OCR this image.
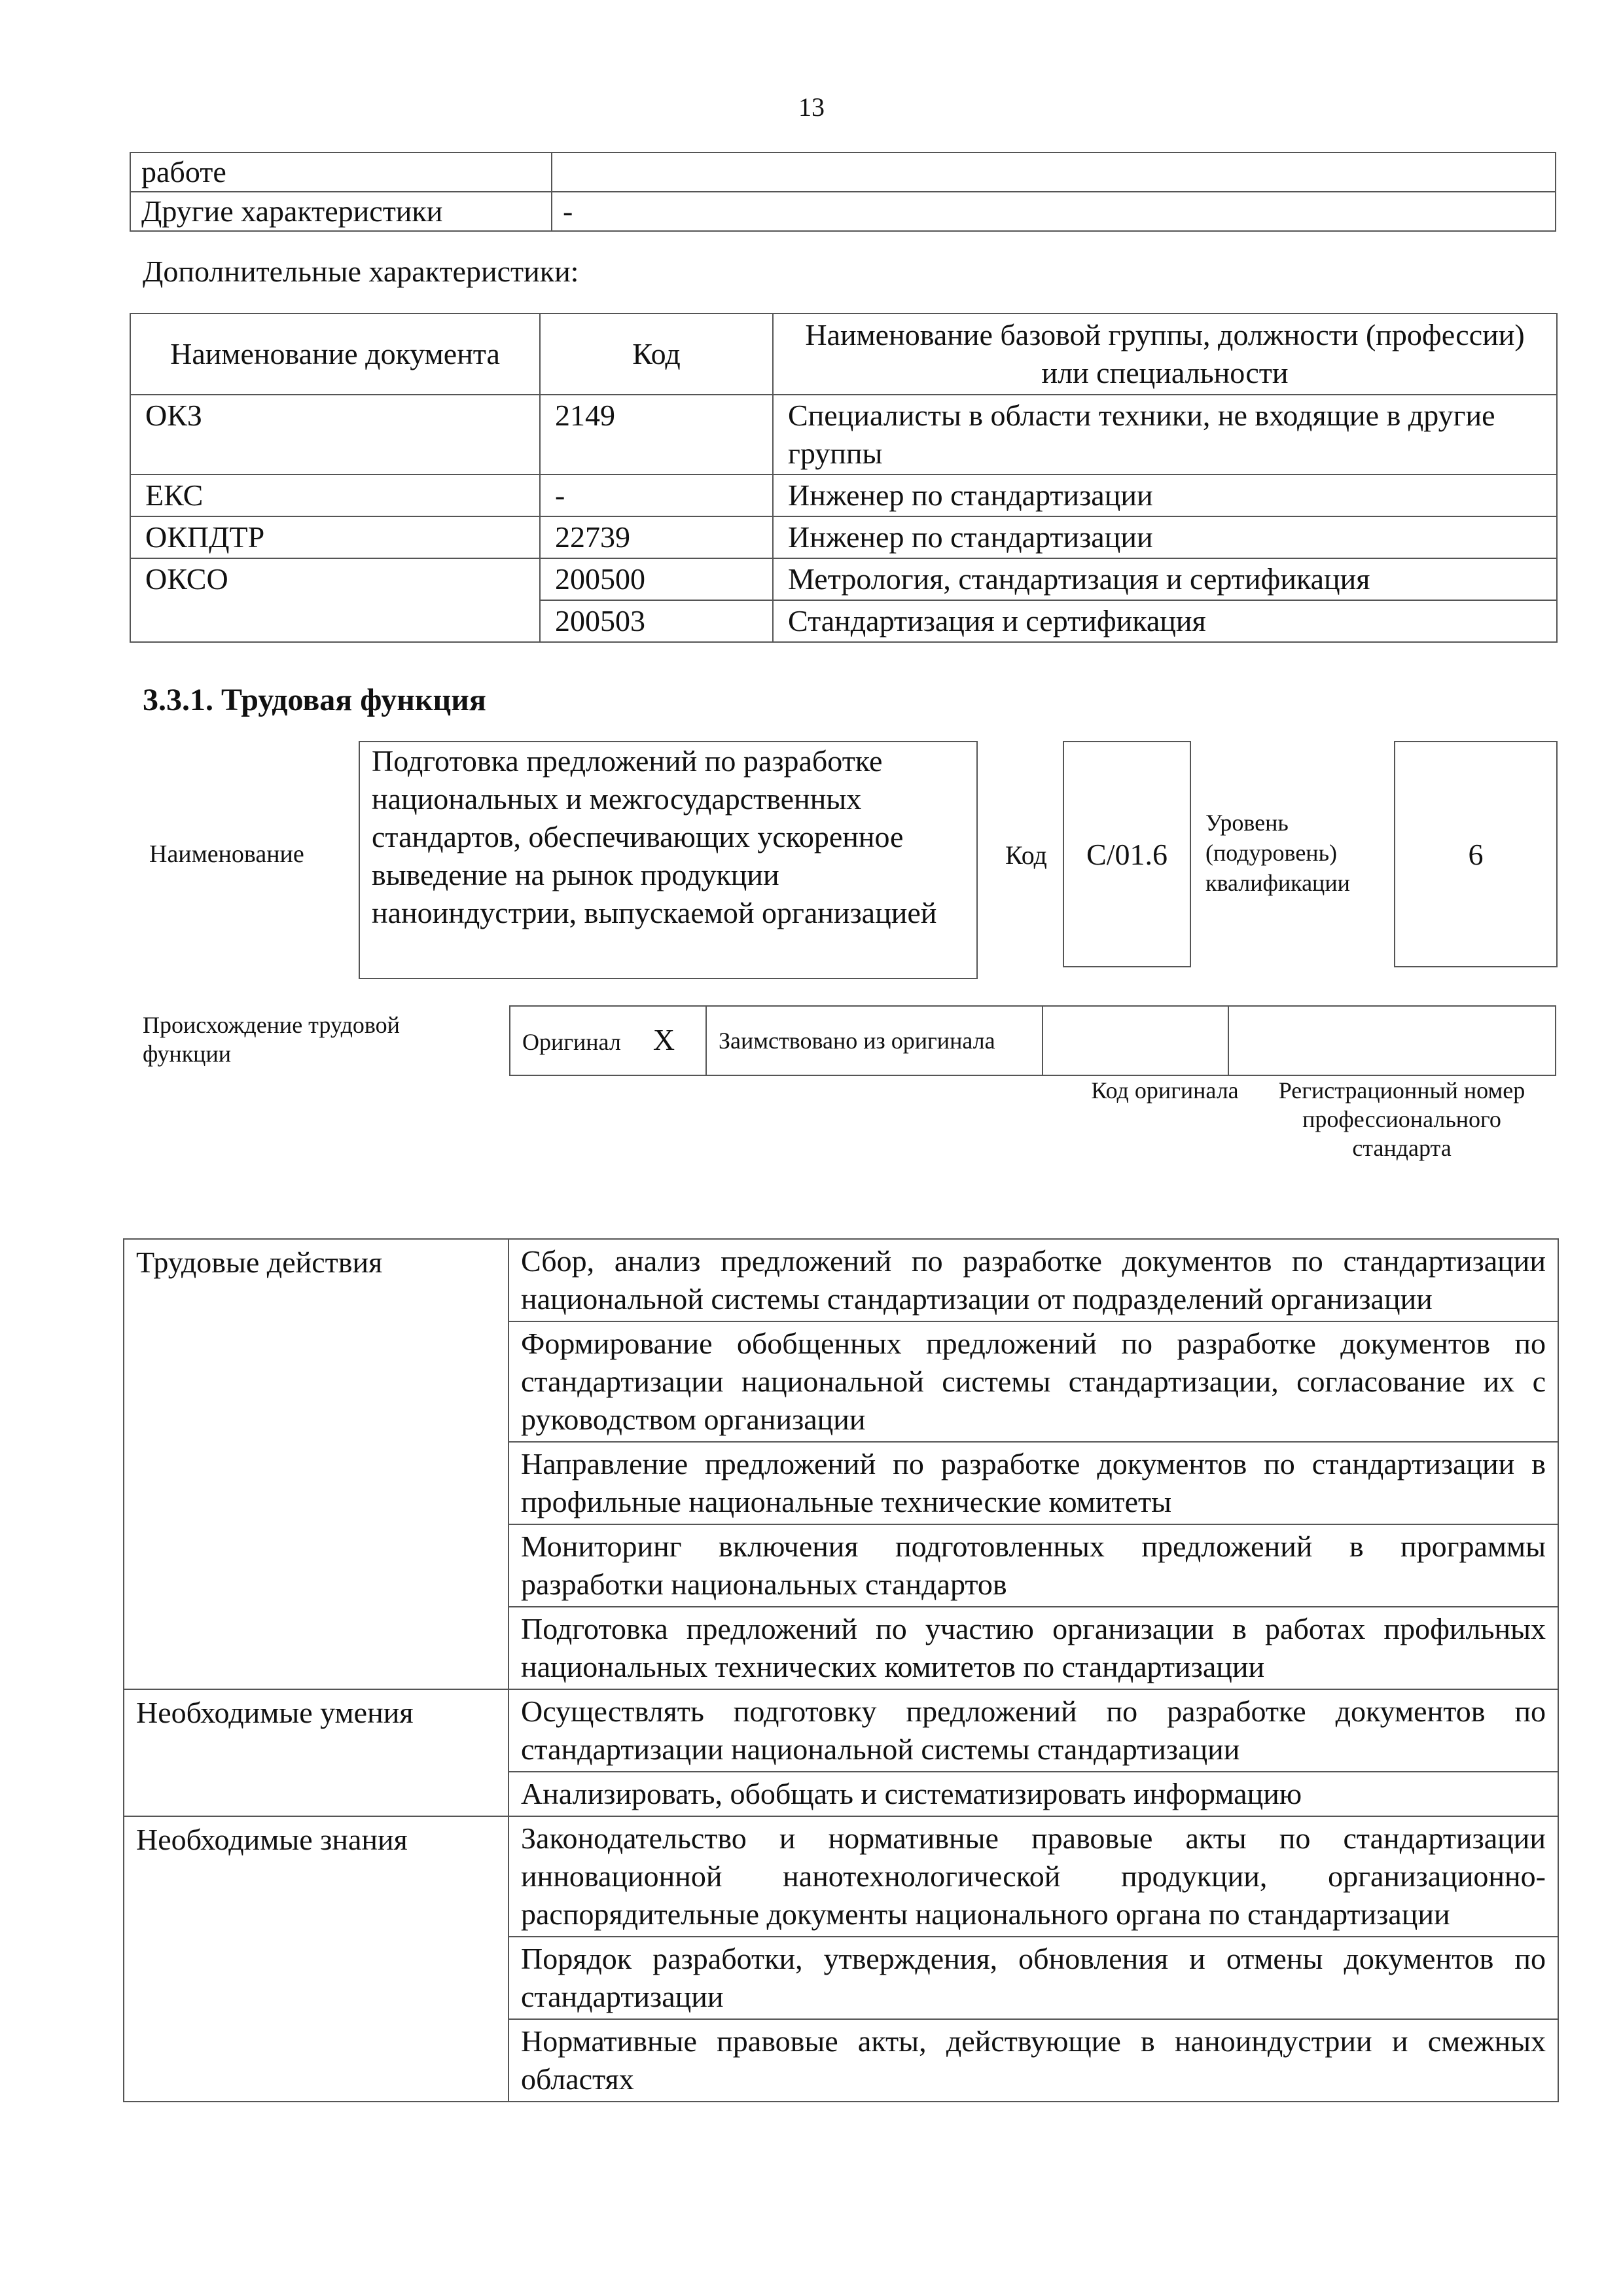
13
работе	
Другие характеристики	-
Дополнительные характеристики:
Наименование документа	Код	Наименование базовой группы, должности (профессии) или специальности
ОКЗ	2149	Специалисты в области техники, не входящие в другие группы
ЕКС	-	Инженер по стандартизации
ОКПДТР	22739	Инженер по стандартизации
ОКСО	200500	Метрология, стандартизация и сертификация
	200503	Стандартизация и сертификация
3.3.1. Трудовая функция
Наименование
Подготовка предложений по разработке национальных и межгосударственных стандартов, обеспечивающих ускоренное выведение на рынок продукции наноиндустрии, выпускаемой организацией
Код C/01.6
Уровень (подуровень) квалификации
6
Происхождение трудовой функции	Оригинал X	Заимствовано из оригинала		
Код оригинала	Регистрационный номер профессионального стандарта
Трудовые действия	Сбор, анализ предложений по разработке документов по стандартизации национальной системы стандартизации от подразделений организации
	Формирование обобщенных предложений по разработке документов по стандартизации национальной системы стандартизации, согласование их с руководством организации
	Направление предложений по разработке документов по стандартизации в профильные национальные технические комитеты
	Мониторинг включения подготовленных предложений в программы разработки национальных стандартов
	Подготовка предложений по участию организации в работах профильных национальных технических комитетов по стандартизации
Необходимые умения	Осуществлять подготовку предложений по разработке документов по стандартизации национальной системы стандартизации
	Анализировать, обобщать и систематизировать информацию
Необходимые знания	Законодательство и нормативные правовые акты по стандартизации инновационной нанотехнологической продукции, организационно-распорядительные документы национального органа по стандартизации
	Порядок разработки, утверждения, обновления и отмены документов по стандартизации
	Нормативные правовые акты, действующие в наноиндустрии и смежных областях
